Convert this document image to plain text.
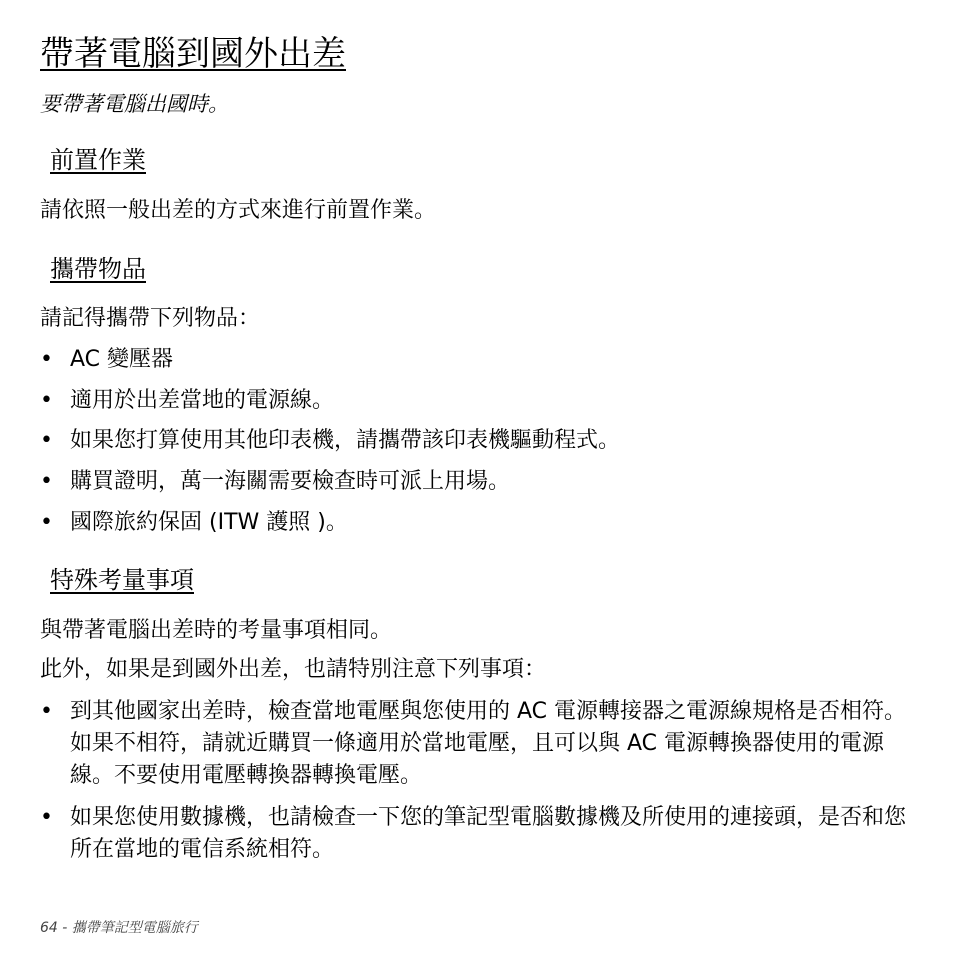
帶著電腦到國外出差

要帶著電腦出國時。

前置作業

請依照一般出差的方式來進行前置作業。

攜帶物品

請記得攜帶下列物品：

• AC 變壓器
• 適用於出差當地的電源線。
• 如果您打算使用其他印表機，請攜帶該印表機驅動程式。
• 購買證明，萬一海關需要檢查時可派上用場。
• 國際旅約保固 (ITW 護照 )。
特殊考量事項

與帶著電腦出差時的考量事項相同。

此外，如果是到國外出差，也請特別注意下列事項：

• 到其他國家出差時，檢查當地電壓與您使用的 AC 電源轉接器之電源線規格是否相符。如果不相符，請就近購買一條適用於當地電壓，且可以與 AC 電源轉換器使用的電源線。不要使用電壓轉換器轉換電壓。
• 如果您使用數據機，也請檢查一下您的筆記型電腦數據機及所使用的連接頭，是否和您所在當地的電信系統相符。
64 - 攜帶筆記型電腦旅行
